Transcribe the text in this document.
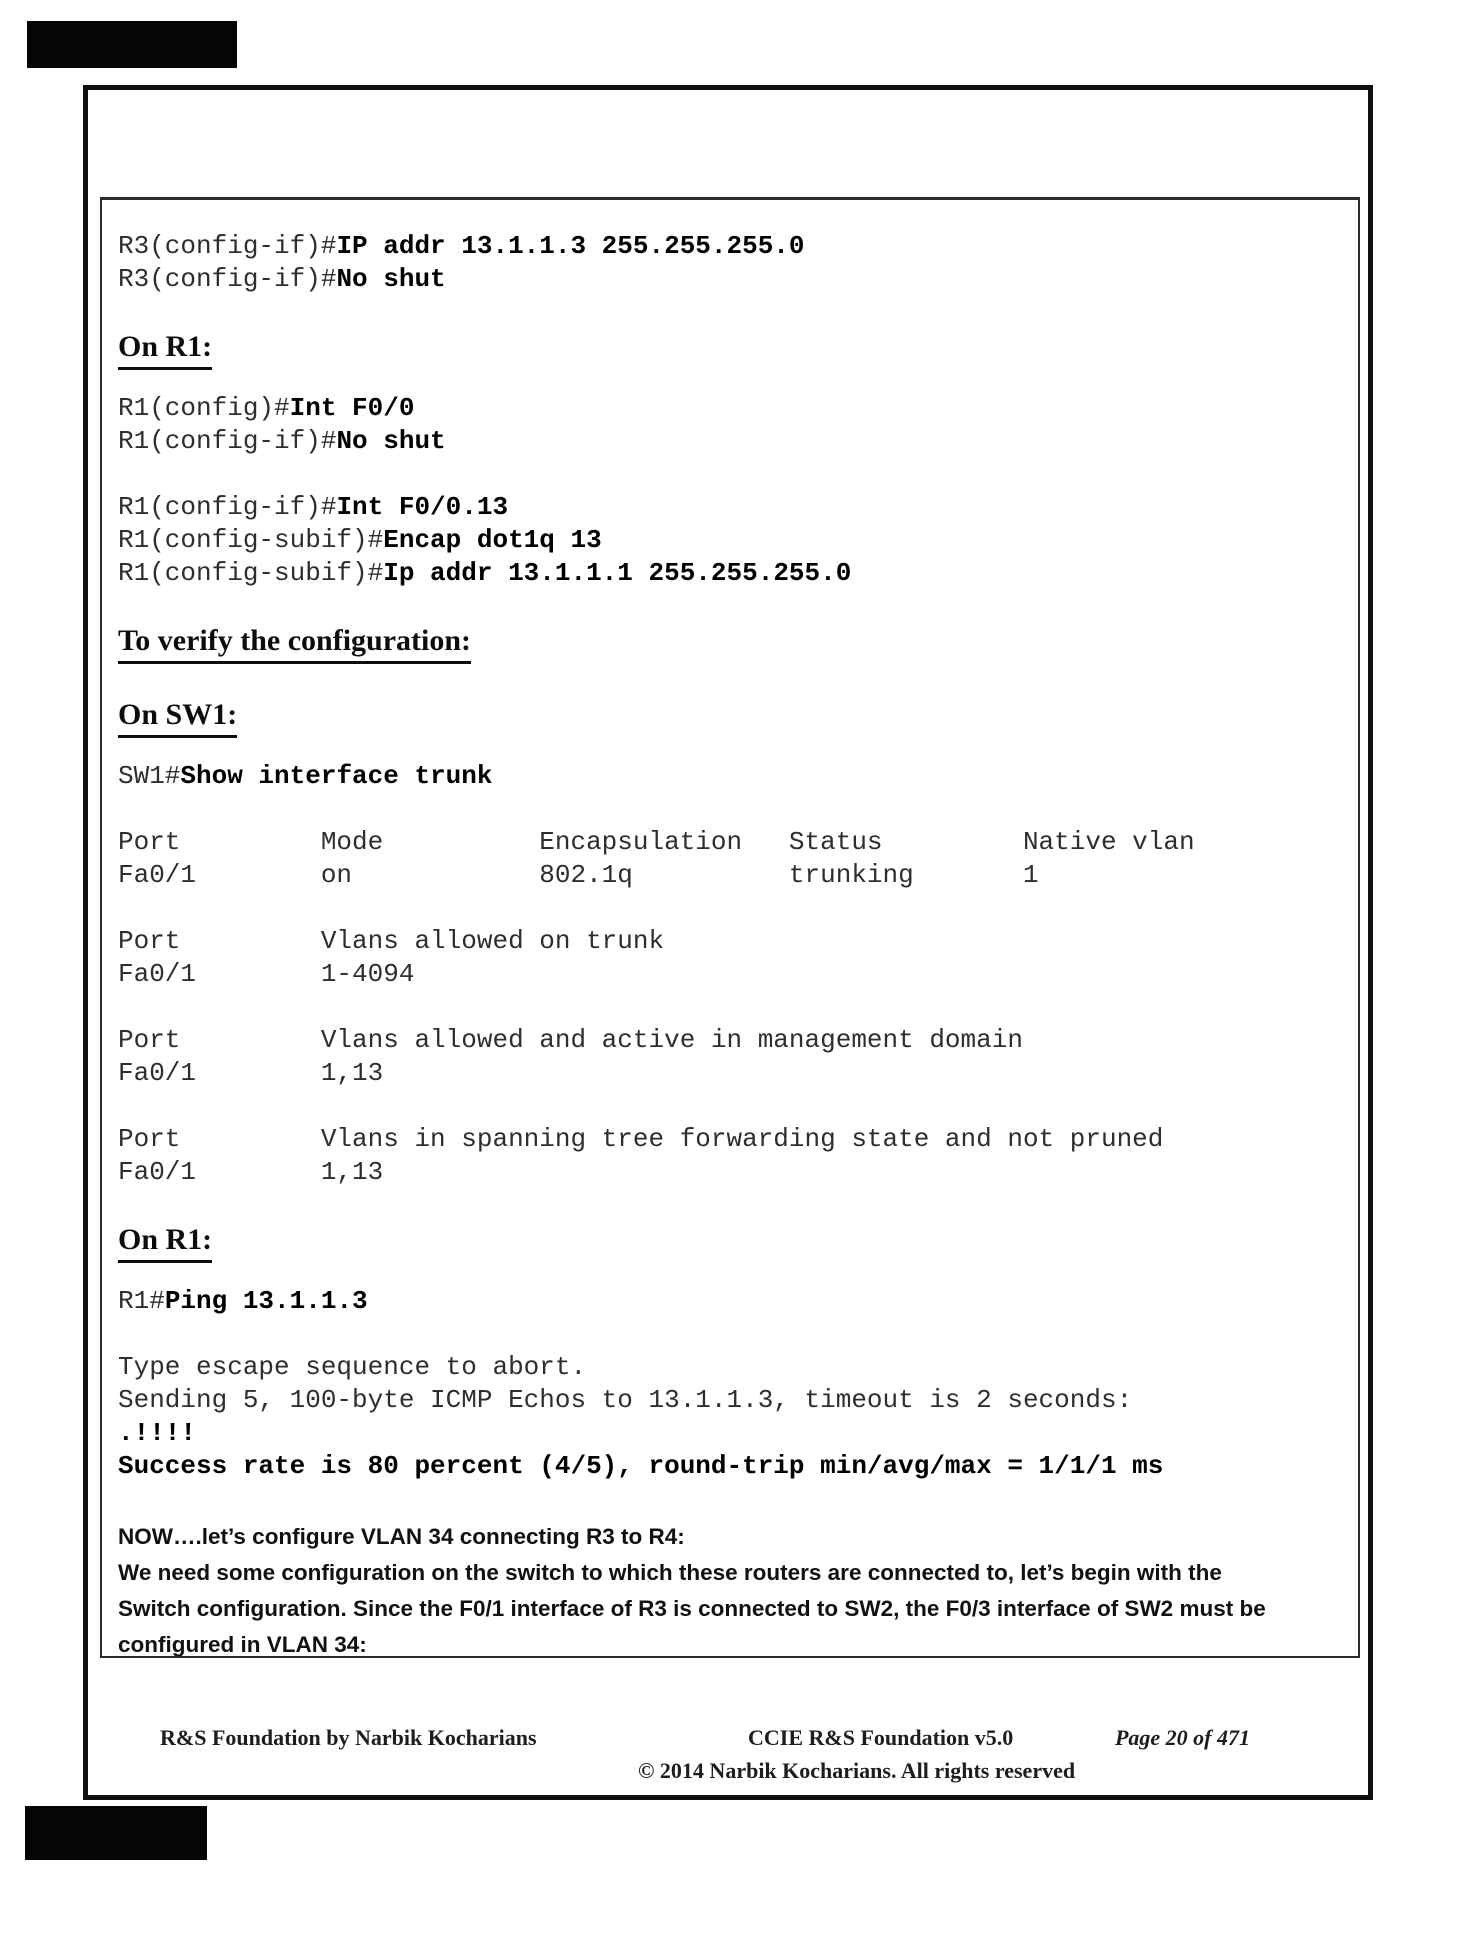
R&S Foundation by Narbik Kocharians	CCIE R&S Foundation v5.0	Page 20 of 471
© 2014 Narbik Kocharians. All rights reserved
R3(config-if)#IP addr 13.1.1.3 255.255.255.0
R3(config-if)#No shut
On R1:
R1(config)#Int F0/0
R1(config-if)#No shut
R1(config-if)#Int F0/0.13
R1(config-subif)#Encap dot1q 13
R1(config-subif)#Ip addr 13.1.1.1 255.255.255.0
To verify the configuration:
On SW1:
SW1#Show interface trunk
Port         Mode          Encapsulation   Status         Native vlan
Fa0/1        on            802.1q          trunking       1
Port         Vlans allowed on trunk
Fa0/1        1-4094
Port         Vlans allowed and active in management domain
Fa0/1        1,13
Port         Vlans in spanning tree forwarding state and not pruned
Fa0/1        1,13
On R1:
R1#Ping 13.1.1.3
Type escape sequence to abort.
Sending 5, 100-byte ICMP Echos to 13.1.1.3, timeout is 2 seconds:
.!!!!
Success rate is 80 percent (4/5), round-trip min/avg/max = 1/1/1 ms
NOW….let’s configure VLAN 34 connecting R3 to R4:
We need some configuration on the switch to which these routers are connected to, let’s begin with the
Switch configuration. Since the F0/1 interface of R3 is connected to SW2, the F0/3 interface of SW2 must be
configured in VLAN 34:
